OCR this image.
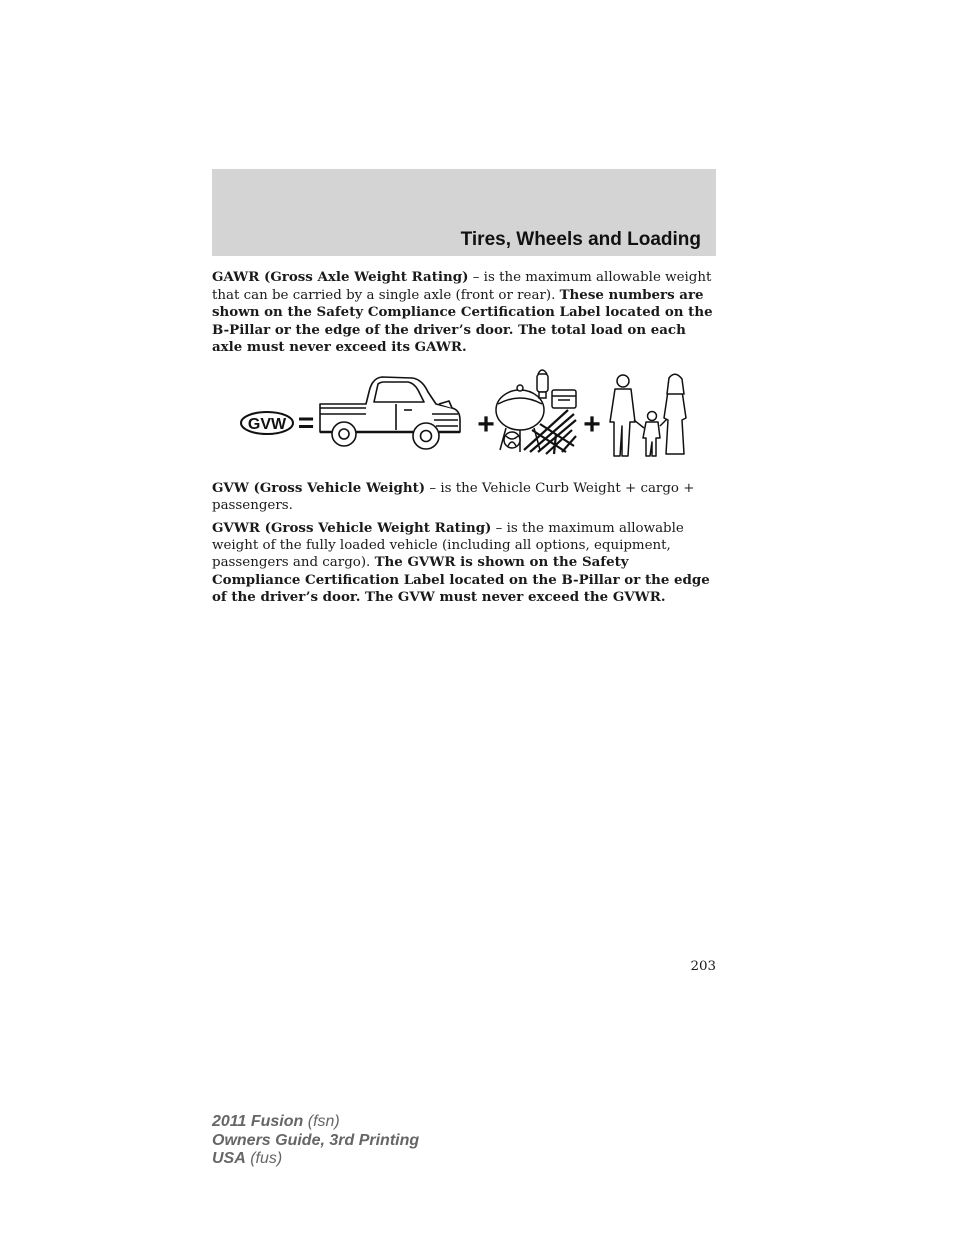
Tires, Wheels and Loading

GAWR (Gross Axle Weight Rating) – is the maximum allowable weight that can be carried by a single axle (front or rear). These numbers are shown on the Safety Compliance Certification Label located on the B-Pillar or the edge of the driver’s door. The total load on each axle must never exceed its GAWR.

GVW =	+	+

GVW (Gross Vehicle Weight) – is the Vehicle Curb Weight + cargo + passengers.

GVWR (Gross Vehicle Weight Rating) – is the maximum allowable weight of the fully loaded vehicle (including all options, equipment, passengers and cargo). The GVWR is shown on the Safety Compliance Certification Label located on the B-Pillar or the edge of the driver’s door. The GVW must never exceed the GVWR.

203

2011 Fusion (fsn)
Owners Guide, 3rd Printing
USA (fus)
